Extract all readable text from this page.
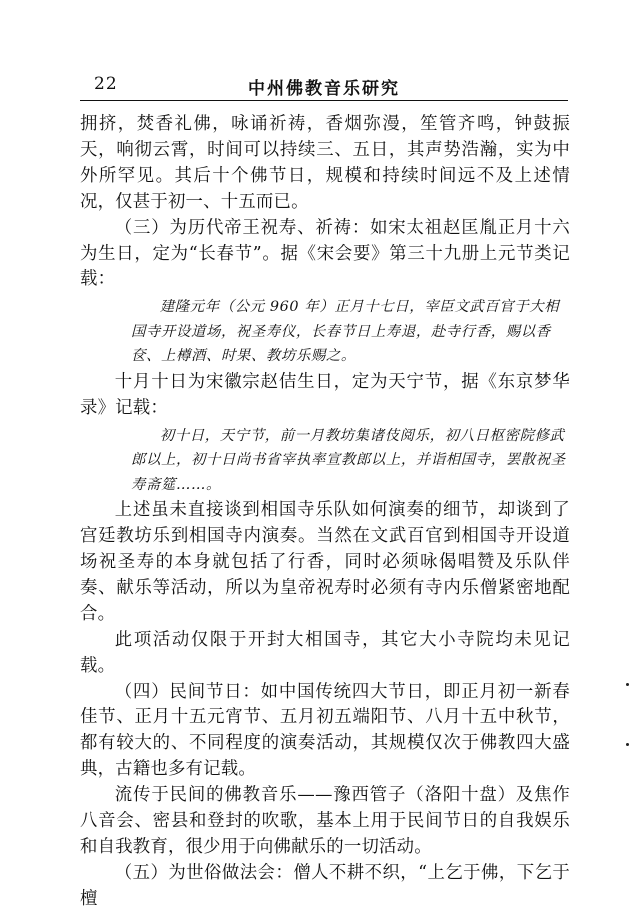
22	中州佛教音乐研究

拥挤，焚香礼佛，咏诵祈祷，香烟弥漫，笙管齐鸣，钟鼓振天，响彻云霄，时间可以持续三、五日，其声势浩瀚，实为中外所罕见。其后十个佛节日，规模和持续时间远不及上述情况，仅甚于初一、十五而已。

（三）为历代帝王祝寿、祈祷：如宋太祖赵匡胤正月十六为生日，定为“长春节”。据《宋会要》第三十九册上元节类记载：

建隆元年（公元 960 年）正月十七日，宰臣文武百官于大相国寺开设道场，祝圣寿仪，长春节日上寿退，赴寺行香，赐以香奁、上樽酒、时果、教坊乐赐之。

十月十日为宋徽宗赵佶生日，定为天宁节，据《东京梦华录》记载：

初十日，天宁节，前一月教坊集诸伎阅乐，初八日枢密院修武郎以上，初十日尚书省宰执率宣教郎以上，并诣相国寺，罢散祝圣寿斋筵……。

上述虽未直接谈到相国寺乐队如何演奏的细节，却谈到了宫廷教坊乐到相国寺内演奏。当然在文武百官到相国寺开设道场祝圣寿的本身就包括了行香，同时必须咏偈唱赞及乐队伴奏、献乐等活动，所以为皇帝祝寿时必须有寺内乐僧紧密地配合。

此项活动仅限于开封大相国寺，其它大小寺院均未见记载。

（四）民间节日：如中国传统四大节日，即正月初一新春佳节、正月十五元宵节、五月初五端阳节、八月十五中秋节，都有较大的、不同程度的演奏活动，其规模仅次于佛教四大盛典，古籍也多有记载。

流传于民间的佛教音乐——豫西管子（洛阳十盘）及焦作八音会、密县和登封的吹歌，基本上用于民间节日的自我娱乐和自我教育，很少用于向佛献乐的一切活动。

（五）为世俗做法会：僧人不耕不织，“上乞于佛，下乞于檀
